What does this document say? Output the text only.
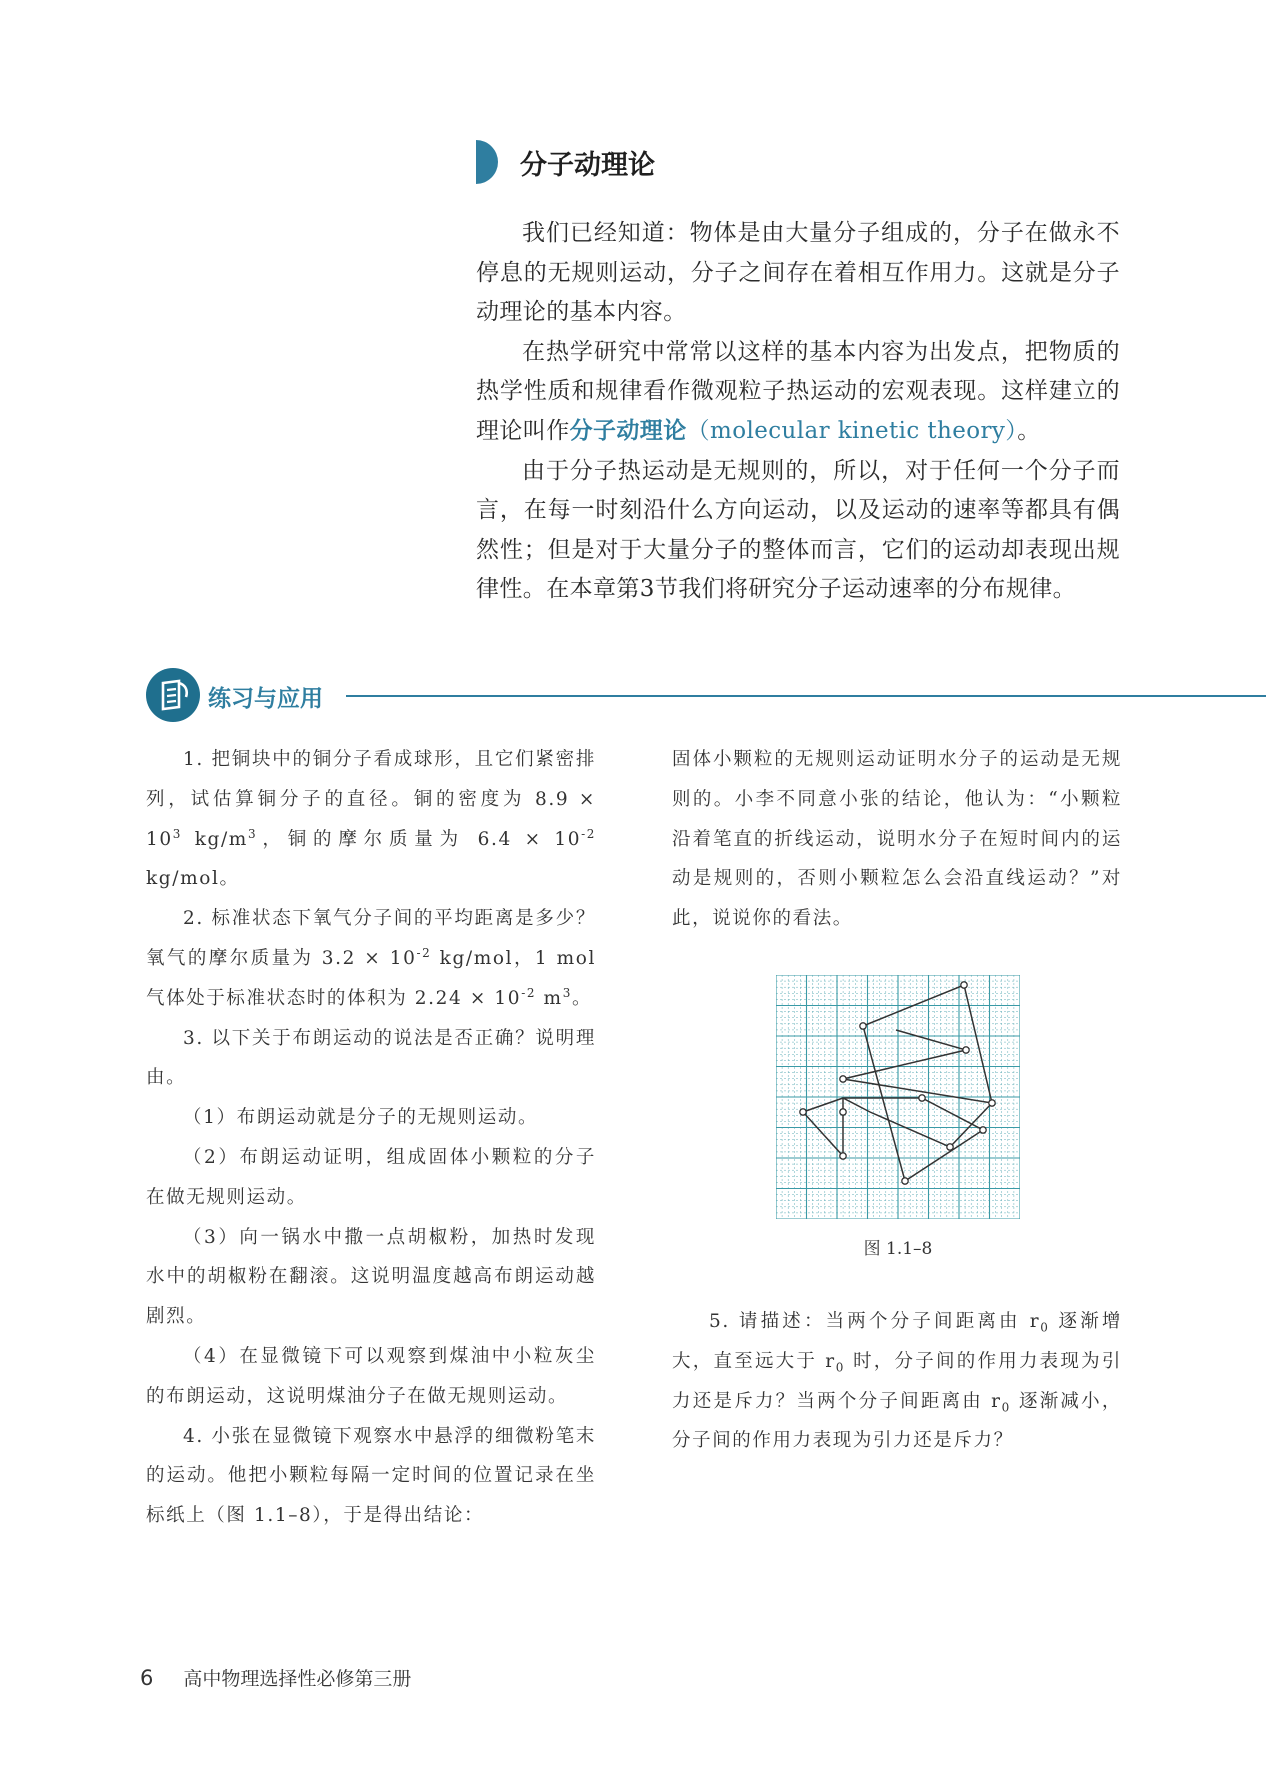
分子动理论

我们已经知道：物体是由大量分子组成的，分子在做永不停息的无规则运动，分子之间存在着相互作用力。这就是分子动理论的基本内容。

在热学研究中常常以这样的基本内容为出发点，把物质的热学性质和规律看作微观粒子热运动的宏观表现。这样建立的理论叫作分子动理论（molecular kinetic theory）。

由于分子热运动是无规则的，所以，对于任何一个分子而言，在每一时刻沿什么方向运动，以及运动的速率等都具有偶然性；但是对于大量分子的整体而言，它们的运动却表现出规律性。在本章第3节我们将研究分子运动速率的分布规律。

练习与应用

1. 把铜块中的铜分子看成球形，且它们紧密排列，试估算铜分子的直径。铜的密度为 $8.9 \times 10^3$ $kg/m^3$，铜的摩尔质量为 $6.4 \times 10^{-2}$ kg/mol。

2. 标准状态下氧气分子间的平均距离是多少？氧气的摩尔质量为 $3.2 \times 10^{-2}$ kg/mol，1 mol 气体处于标准状态时的体积为 $2.24 \times 10^{-2}$ $m^3$。

3. 以下关于布朗运动的说法是否正确？说明理由。

（1）布朗运动就是分子的无规则运动。

（2）布朗运动证明，组成固体小颗粒的分子在做无规则运动。

（3）向一锅水中撒一点胡椒粉，加热时发现水中的胡椒粉在翻滚。这说明温度越高布朗运动越剧烈。

（4）在显微镜下可以观察到煤油中小粒灰尘的布朗运动，这说明煤油分子在做无规则运动。

4. 小张在显微镜下观察水中悬浮的细微粉笔末的运动。他把小颗粒每隔一定时间的位置记录在坐标纸上（图 1.1–8），于是得出结论：

固体小颗粒的无规则运动证明水分子的运动是无规则的。小李不同意小张的结论，他认为：“小颗粒沿着笔直的折线运动，说明水分子在短时间内的运动是规则的，否则小颗粒怎么会沿直线运动？”对此，说说你的看法。

图 1.1–8

5. 请描述：当两个分子间距离由 $r_0$ 逐渐增大，直至远大于 $r_0$ 时，分子间的作用力表现为引力还是斥力？当两个分子间距离由 $r_0$ 逐渐减小，分子间的作用力表现为引力还是斥力？

6 高中物理选择性必修第三册
